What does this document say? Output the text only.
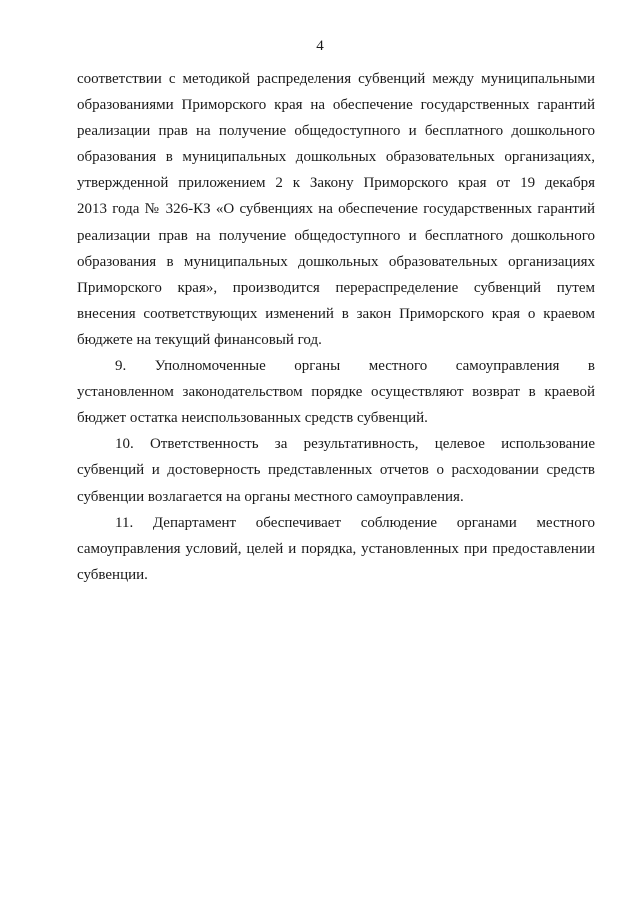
4
соответствии с методикой распределения субвенций между муниципальными
образованиями Приморского края на обеспечение государственных гарантий
реализации прав на получение общедоступного и бесплатного дошкольного
образования в муниципальных дошкольных образовательных организациях,
утвержденной приложением 2 к Закону Приморского края от 19 декабря
2013 года № 326-КЗ «О субвенциях на обеспечение государственных гарантий
реализации прав на получение общедоступного и бесплатного дошкольного
образования в муниципальных дошкольных образовательных организациях
Приморского края», производится перераспределение субвенций путем
внесения соответствующих изменений в закон Приморского края о краевом
бюджете на текущий финансовый год.
9. Уполномоченные органы местного самоуправления в
установленном законодательством порядке осуществляют возврат в краевой
бюджет остатка неиспользованных средств субвенций.
10. Ответственность за результативность, целевое использование
субвенций и достоверность представленных отчетов о расходовании средств
субвенции возлагается на органы местного самоуправления.
11. Департамент обеспечивает соблюдение органами местного
самоуправления условий, целей и порядка, установленных при предоставлении
субвенции.
